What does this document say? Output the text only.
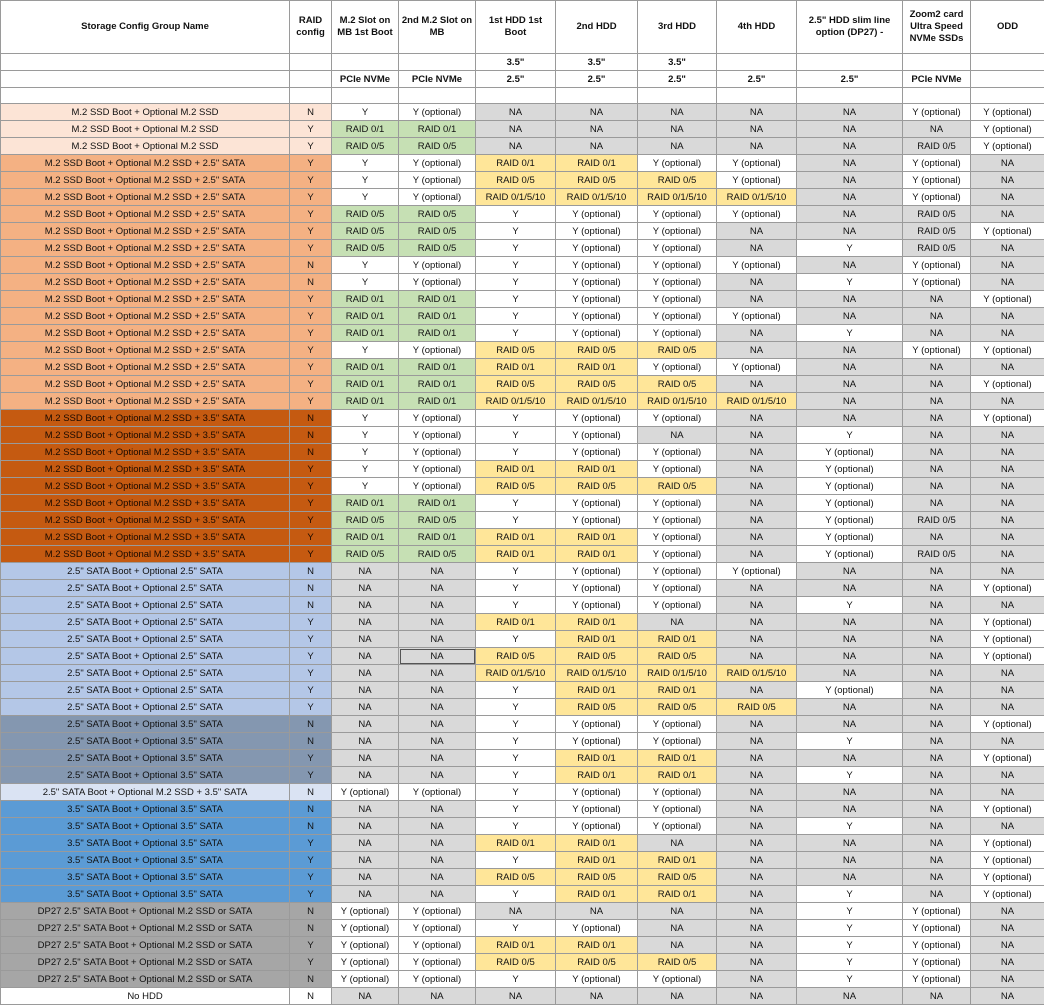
Storage Config Group Name	RAID config	M.2 Slot on MB 1st Boot	2nd M.2 Slot on MB	1st HDD 1st Boot	2nd HDD	3rd HDD	4th HDD	2.5" HDD slim line option (DP27) -	Zoom2 card Ultra Speed NVMe SSDs	ODD
				3.5"	3.5"	3.5"				
		PCIe NVMe	PCIe NVMe	2.5"	2.5"	2.5"	2.5"	2.5"	PCIe NVMe	

M.2 SSD Boot + Optional M.2 SSD	N	Y	Y (optional)	NA	NA	NA	NA	NA	Y (optional)	Y (optional)
M.2 SSD Boot + Optional M.2 SSD	Y	RAID 0/1	RAID 0/1	NA	NA	NA	NA	NA	NA	Y (optional)
M.2 SSD Boot + Optional M.2 SSD	Y	RAID 0/5	RAID 0/5	NA	NA	NA	NA	NA	RAID 0/5	Y (optional)
M.2 SSD Boot + Optional M.2 SSD + 2.5" SATA	Y	Y	Y (optional)	RAID 0/1	RAID 0/1	Y (optional)	Y (optional)	NA	Y (optional)	NA
M.2 SSD Boot + Optional M.2 SSD + 2.5" SATA	Y	Y	Y (optional)	RAID 0/5	RAID 0/5	RAID 0/5	Y (optional)	NA	Y (optional)	NA
M.2 SSD Boot + Optional M.2 SSD + 2.5" SATA	Y	Y	Y (optional)	RAID 0/1/5/10	RAID 0/1/5/10	RAID 0/1/5/10	RAID 0/1/5/10	NA	Y (optional)	NA
M.2 SSD Boot + Optional M.2 SSD + 2.5" SATA	Y	RAID 0/5	RAID 0/5	Y	Y (optional)	Y (optional)	Y (optional)	NA	RAID 0/5	NA
M.2 SSD Boot + Optional M.2 SSD + 2.5" SATA	Y	RAID 0/5	RAID 0/5	Y	Y (optional)	Y (optional)	NA	NA	RAID 0/5	Y (optional)
M.2 SSD Boot + Optional M.2 SSD + 2.5" SATA	Y	RAID 0/5	RAID 0/5	Y	Y (optional)	Y (optional)	NA	Y	RAID 0/5	NA
M.2 SSD Boot + Optional M.2 SSD + 2.5" SATA	N	Y	Y (optional)	Y	Y (optional)	Y (optional)	Y (optional)	NA	Y (optional)	NA
M.2 SSD Boot + Optional M.2 SSD + 2.5" SATA	N	Y	Y (optional)	Y	Y (optional)	Y (optional)	NA	Y	Y (optional)	NA
M.2 SSD Boot + Optional M.2 SSD + 2.5" SATA	Y	RAID 0/1	RAID 0/1	Y	Y (optional)	Y (optional)	NA	NA	NA	Y (optional)
M.2 SSD Boot + Optional M.2 SSD + 2.5" SATA	Y	RAID 0/1	RAID 0/1	Y	Y (optional)	Y (optional)	Y (optional)	NA	NA	NA
M.2 SSD Boot + Optional M.2 SSD + 2.5" SATA	Y	RAID 0/1	RAID 0/1	Y	Y (optional)	Y (optional)	NA	Y	NA	NA
M.2 SSD Boot + Optional M.2 SSD + 2.5" SATA	Y	Y	Y (optional)	RAID 0/5	RAID 0/5	RAID 0/5	NA	NA	Y (optional)	Y (optional)
M.2 SSD Boot + Optional M.2 SSD + 2.5" SATA	Y	RAID 0/1	RAID 0/1	RAID 0/1	RAID 0/1	Y (optional)	Y (optional)	NA	NA	NA
M.2 SSD Boot + Optional M.2 SSD + 2.5" SATA	Y	RAID 0/1	RAID 0/1	RAID 0/5	RAID 0/5	RAID 0/5	NA	NA	NA	Y (optional)
M.2 SSD Boot + Optional M.2 SSD + 2.5" SATA	Y	RAID 0/1	RAID 0/1	RAID 0/1/5/10	RAID 0/1/5/10	RAID 0/1/5/10	RAID 0/1/5/10	NA	NA	NA
M.2 SSD Boot + Optional M.2 SSD + 3.5" SATA	N	Y	Y (optional)	Y	Y (optional)	Y (optional)	NA	NA	NA	Y (optional)
M.2 SSD Boot + Optional M.2 SSD + 3.5" SATA	N	Y	Y (optional)	Y	Y (optional)	NA	NA	Y	NA	NA
M.2 SSD Boot + Optional M.2 SSD + 3.5" SATA	N	Y	Y (optional)	Y	Y (optional)	Y (optional)	NA	Y (optional)	NA	NA
M.2 SSD Boot + Optional M.2 SSD + 3.5" SATA	Y	Y	Y (optional)	RAID 0/1	RAID 0/1	Y (optional)	NA	Y (optional)	NA	NA
M.2 SSD Boot + Optional M.2 SSD + 3.5" SATA	Y	Y	Y (optional)	RAID 0/5	RAID 0/5	RAID 0/5	NA	Y (optional)	NA	NA
M.2 SSD Boot + Optional M.2 SSD + 3.5" SATA	Y	RAID 0/1	RAID 0/1	Y	Y (optional)	Y (optional)	NA	Y (optional)	NA	NA
M.2 SSD Boot + Optional M.2 SSD + 3.5" SATA	Y	RAID 0/5	RAID 0/5	Y	Y (optional)	Y (optional)	NA	Y (optional)	RAID 0/5	NA
M.2 SSD Boot + Optional M.2 SSD + 3.5" SATA	Y	RAID 0/1	RAID 0/1	RAID 0/1	RAID 0/1	Y (optional)	NA	Y (optional)	NA	NA
M.2 SSD Boot + Optional M.2 SSD + 3.5" SATA	Y	RAID 0/5	RAID 0/5	RAID 0/1	RAID 0/1	Y (optional)	NA	Y (optional)	RAID 0/5	NA
2.5" SATA Boot + Optional 2.5" SATA	N	NA	NA	Y	Y (optional)	Y (optional)	Y (optional)	NA	NA	NA
2.5" SATA Boot + Optional 2.5" SATA	N	NA	NA	Y	Y (optional)	Y (optional)	NA	NA	NA	Y (optional)
2.5" SATA Boot + Optional 2.5" SATA	N	NA	NA	Y	Y (optional)	Y (optional)	NA	Y	NA	NA
2.5" SATA Boot + Optional 2.5" SATA	Y	NA	NA	RAID 0/1	RAID 0/1	NA	NA	NA	NA	Y (optional)
2.5" SATA Boot + Optional 2.5" SATA	Y	NA	NA	Y	RAID 0/1	RAID 0/1	NA	NA	NA	Y (optional)
2.5" SATA Boot + Optional 2.5" SATA	Y	NA	NA	RAID 0/5	RAID 0/5	RAID 0/5	NA	NA	NA	Y (optional)
2.5" SATA Boot + Optional 2.5" SATA	Y	NA	NA	RAID 0/1/5/10	RAID 0/1/5/10	RAID 0/1/5/10	RAID 0/1/5/10	NA	NA	NA
2.5" SATA Boot + Optional 2.5" SATA	Y	NA	NA	Y	RAID 0/1	RAID 0/1	NA	Y (optional)	NA	NA
2.5" SATA Boot + Optional 2.5" SATA	Y	NA	NA	Y	RAID 0/5	RAID 0/5	RAID 0/5	NA	NA	NA
2.5" SATA Boot + Optional 3.5" SATA	N	NA	NA	Y	Y (optional)	Y (optional)	NA	NA	NA	Y (optional)
2.5" SATA Boot + Optional 3.5" SATA	N	NA	NA	Y	Y (optional)	Y (optional)	NA	Y	NA	NA
2.5" SATA Boot + Optional 3.5" SATA	Y	NA	NA	Y	RAID 0/1	RAID 0/1	NA	NA	NA	Y (optional)
2.5" SATA Boot + Optional 3.5" SATA	Y	NA	NA	Y	RAID 0/1	RAID 0/1	NA	Y	NA	NA
2.5" SATA Boot + Optional M.2 SSD + 3.5" SATA	N	Y (optional)	Y (optional)	Y	Y (optional)	Y (optional)	NA	NA	NA	NA
3.5" SATA Boot + Optional 3.5" SATA	N	NA	NA	Y	Y (optional)	Y (optional)	NA	NA	NA	Y (optional)
3.5" SATA Boot + Optional 3.5" SATA	N	NA	NA	Y	Y (optional)	Y (optional)	NA	Y	NA	NA
3.5" SATA Boot + Optional 3.5" SATA	Y	NA	NA	RAID 0/1	RAID 0/1	NA	NA	NA	NA	Y (optional)
3.5" SATA Boot + Optional 3.5" SATA	Y	NA	NA	Y	RAID 0/1	RAID 0/1	NA	NA	NA	Y (optional)
3.5" SATA Boot + Optional 3.5" SATA	Y	NA	NA	RAID 0/5	RAID 0/5	RAID 0/5	NA	NA	NA	Y (optional)
3.5" SATA Boot + Optional 3.5" SATA	Y	NA	NA	Y	RAID 0/1	RAID 0/1	NA	Y	NA	Y (optional)
DP27 2.5" SATA Boot + Optional M.2 SSD or SATA	N	Y (optional)	Y (optional)	NA	NA	NA	NA	Y	Y (optional)	NA
DP27 2.5" SATA Boot + Optional M.2 SSD or SATA	N	Y (optional)	Y (optional)	Y	Y (optional)	NA	NA	Y	Y (optional)	NA
DP27 2.5" SATA Boot + Optional M.2 SSD or SATA	Y	Y (optional)	Y (optional)	RAID 0/1	RAID 0/1	NA	NA	Y	Y (optional)	NA
DP27 2.5" SATA Boot + Optional M.2 SSD or SATA	Y	Y (optional)	Y (optional)	RAID 0/5	RAID 0/5	RAID 0/5	NA	Y	Y (optional)	NA
DP27 2.5" SATA Boot + Optional M.2 SSD or SATA	N	Y (optional)	Y (optional)	Y	Y (optional)	Y (optional)	NA	Y	Y (optional)	NA
No HDD	N	NA	NA	NA	NA	NA	NA	NA	NA	NA
